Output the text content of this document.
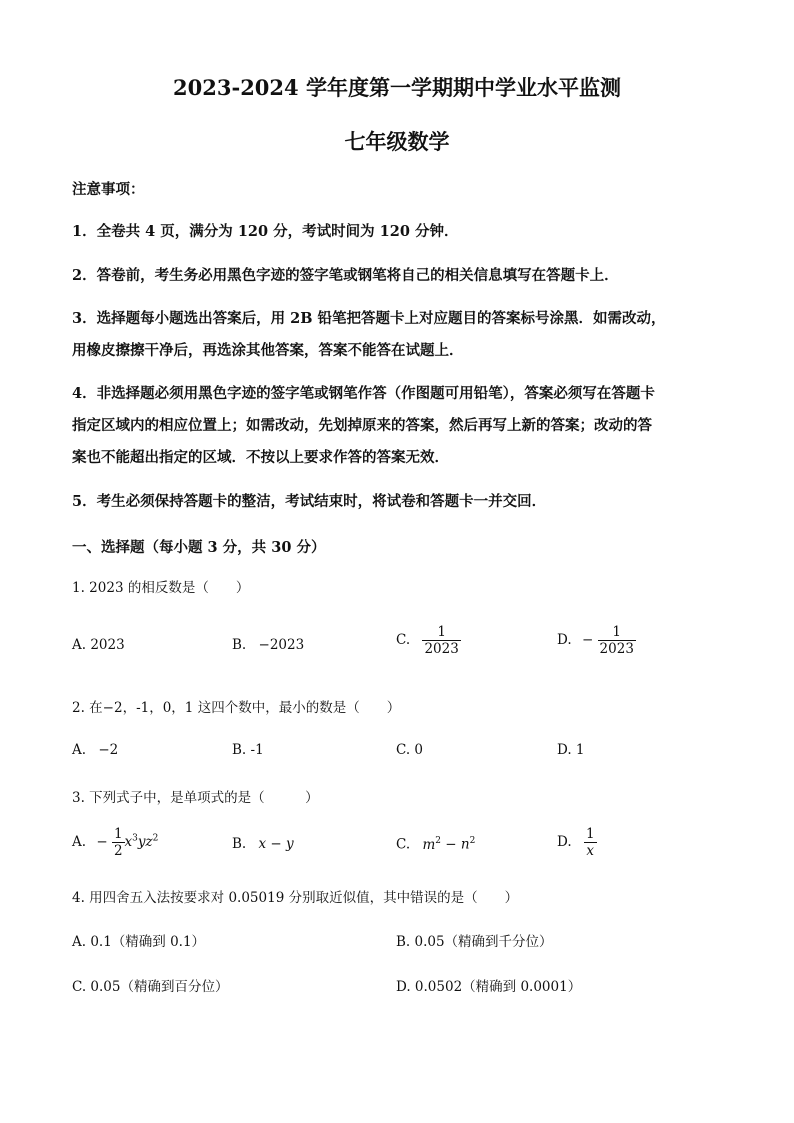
2023-2024 学年度第一学期期中学业水平监测
七年级数学
注意事项：
1．全卷共 4 页，满分为 120 分，考试时间为 120 分钟．
2．答卷前，考生务必用黑色字迹的签字笔或钢笔将自己的相关信息填写在答题卡上．
3．选择题每小题选出答案后，用 2B 铅笔把答题卡上对应题目的答案标号涂黑．如需改动，
用橡皮擦擦干净后，再选涂其他答案，答案不能答在试题上．
4．非选择题必须用黑色字迹的签字笔或钢笔作答（作图题可用铅笔），答案必须写在答题卡
指定区域内的相应位置上；如需改动，先划掉原来的答案，然后再写上新的答案；改动的答
案也不能超出指定的区域．不按以上要求作答的答案无效．
5．考生必须保持答题卡的整洁，考试结束时，将试卷和答题卡一并交回．
一、选择题（每小题 3 分，共 30 分）
1. 2023 的相反数是（　　）
A. 2023	B. −2023	C. $\frac{1}{2023}$	D. − $\frac{1}{2023}$
2. 在−2，-1，0，1 这四个数中，最小的数是（　　）
A. −2	B. -1	C. 0	D. 1
3. 下列式子中，是单项式的是（　　　）
A. − $\frac{1}{2} x^3yz^2$	B. x − y	C. $m^2 - n^2$	D. $\frac{1}{x}$
4. 用四舍五入法按要求对 0.05019 分别取近似值，其中错误的是（　　）
A. 0.1（精确到 0.1）	B. 0.05（精确到千分位）
C. 0.05（精确到百分位）	D. 0.0502（精确到 0.0001）
